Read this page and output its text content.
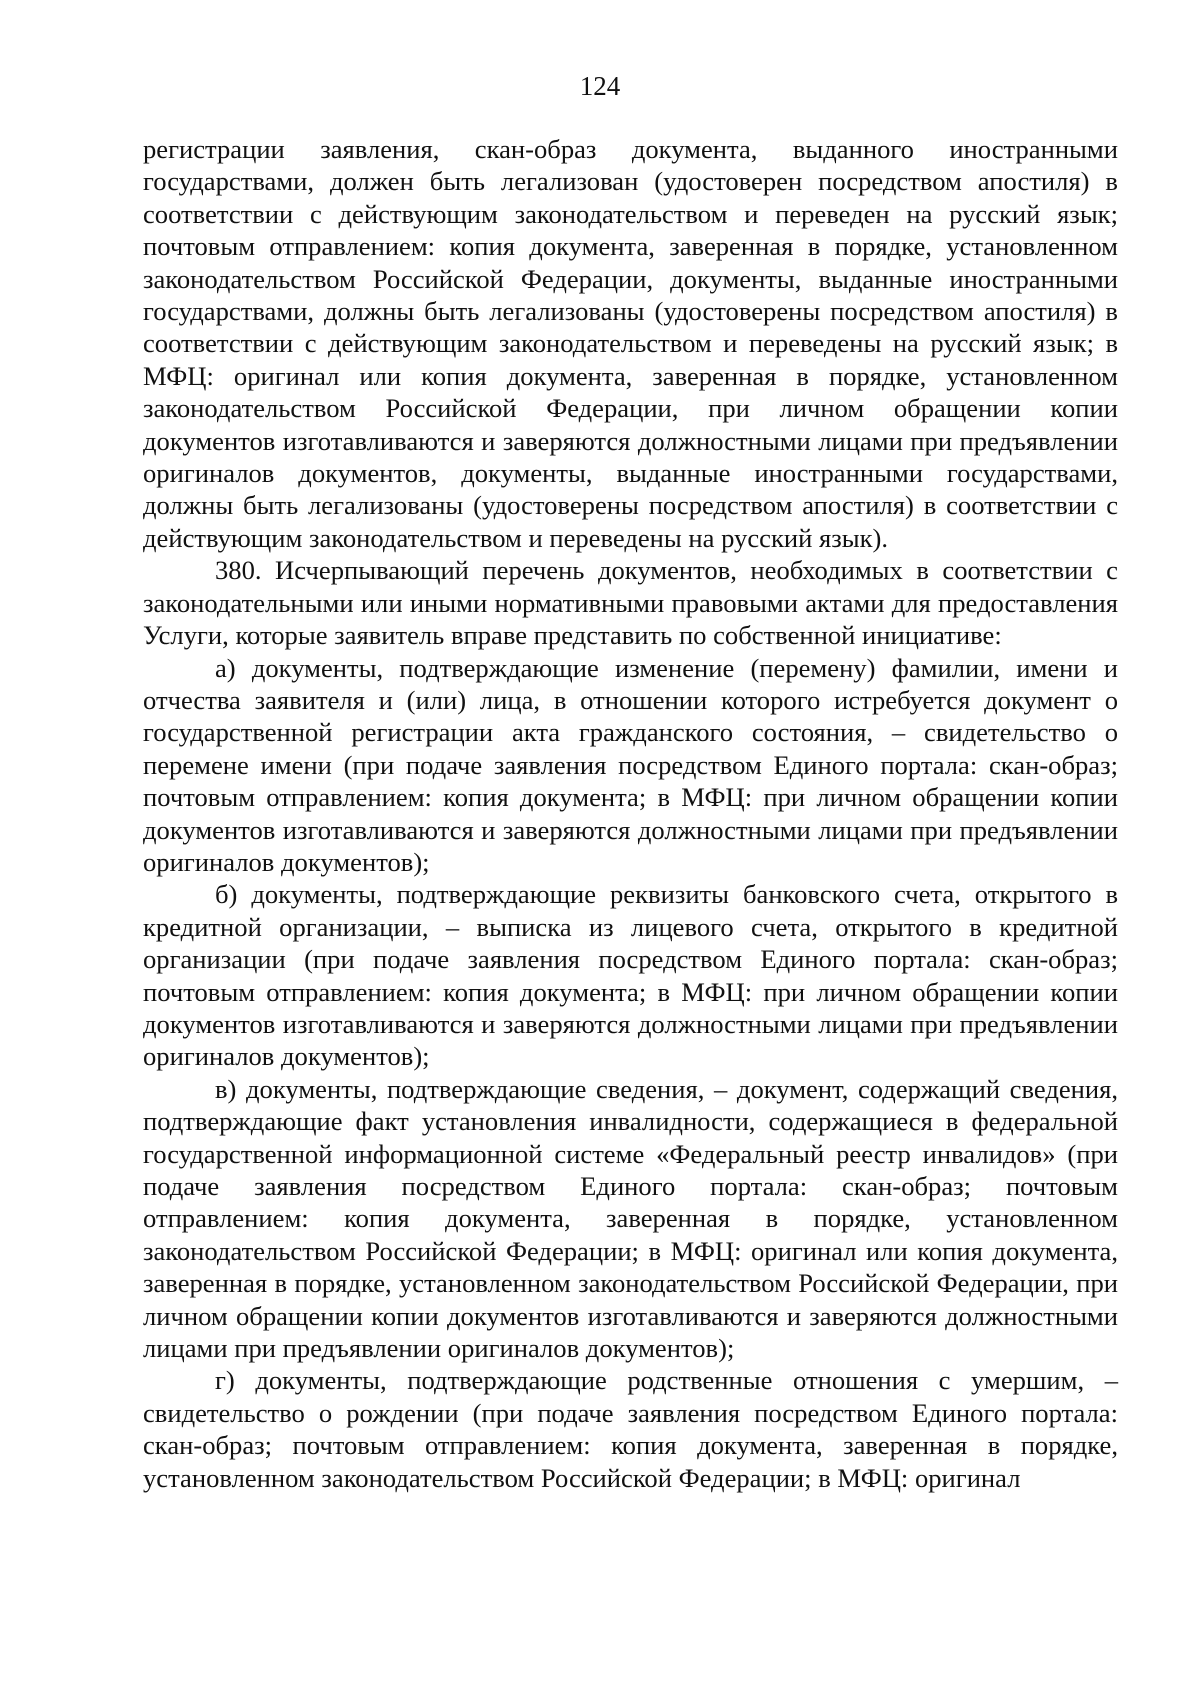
124

регистрации заявления, скан-образ документа, выданного иностранными государствами, должен быть легализован (удостоверен посредством апостиля) в соответствии с действующим законодательством и переведен на русский язык; почтовым отправлением: копия документа, заверенная в порядке, установленном законодательством Российской Федерации, документы, выданные иностранными государствами, должны быть легализованы (удостоверены посредством апостиля) в соответствии с действующим законодательством и переведены на русский язык; в МФЦ: оригинал или копия документа, заверенная в порядке, установленном законодательством Российской Федерации, при личном обращении копии документов изготавливаются и заверяются должностными лицами при предъявлении оригиналов документов, документы, выданные иностранными государствами, должны быть легализованы (удостоверены посредством апостиля) в соответствии с действующим законодательством и переведены на русский язык).

380. Исчерпывающий перечень документов, необходимых в соответствии с законодательными или иными нормативными правовыми актами для предоставления Услуги, которые заявитель вправе представить по собственной инициативе:

а) документы, подтверждающие изменение (перемену) фамилии, имени и отчества заявителя и (или) лица, в отношении которого истребуется документ о государственной регистрации акта гражданского состояния, – свидетельство о перемене имени (при подаче заявления посредством Единого портала: скан-образ; почтовым отправлением: копия документа; в МФЦ: при личном обращении копии документов изготавливаются и заверяются должностными лицами при предъявлении оригиналов документов);

б) документы, подтверждающие реквизиты банковского счета, открытого в кредитной организации, – выписка из лицевого счета, открытого в кредитной организации (при подаче заявления посредством Единого портала: скан-образ; почтовым отправлением: копия документа; в МФЦ: при личном обращении копии документов изготавливаются и заверяются должностными лицами при предъявлении оригиналов документов);

в) документы, подтверждающие сведения, – документ, содержащий сведения, подтверждающие факт установления инвалидности, содержащиеся в федеральной государственной информационной системе «Федеральный реестр инвалидов» (при подаче заявления посредством Единого портала: скан-образ; почтовым отправлением: копия документа, заверенная в порядке, установленном законодательством Российской Федерации; в МФЦ: оригинал или копия документа, заверенная в порядке, установленном законодательством Российской Федерации, при личном обращении копии документов изготавливаются и заверяются должностными лицами при предъявлении оригиналов документов);

г) документы, подтверждающие родственные отношения с умершим, – свидетельство о рождении (при подаче заявления посредством Единого портала: скан-образ; почтовым отправлением: копия документа, заверенная в порядке, установленном законодательством Российской Федерации; в МФЦ: оригинал
